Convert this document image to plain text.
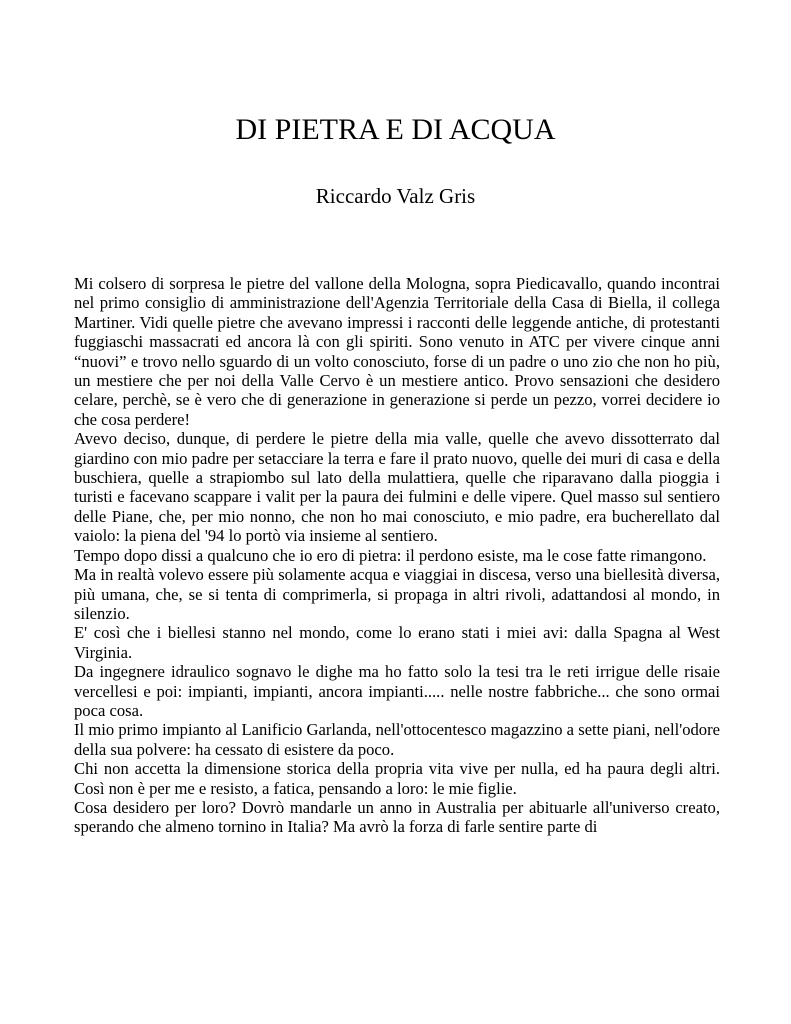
DI PIETRA E DI ACQUA
Riccardo Valz Gris

Mi colsero di sorpresa le pietre del vallone della Mologna, sopra Piedicavallo, quando incontrai nel primo consiglio di amministrazione dell'Agenzia Territoriale della Casa di Biella, il collega Martiner. Vidi quelle pietre che avevano impressi i racconti delle leggende antiche, di protestanti fuggiaschi massacrati ed ancora là con gli spiriti. Sono venuto in ATC per vivere cinque anni “nuovi” e trovo nello sguardo di un volto conosciuto, forse di un padre o uno zio che non ho più, un mestiere che per noi della Valle Cervo è un mestiere antico. Provo sensazioni che desidero celare, perchè, se è vero che di generazione in generazione si perde un pezzo, vorrei decidere io che cosa perdere!

Avevo deciso, dunque, di perdere le pietre della mia valle, quelle che avevo dissotterrato dal giardino con mio padre per setacciare la terra e fare il prato nuovo, quelle dei muri di casa e della buschiera, quelle a strapiombo sul lato della mulattiera, quelle che riparavano dalla pioggia i turisti e facevano scappare i valit per la paura dei fulmini e delle vipere. Quel masso sul sentiero delle Piane, che, per mio nonno, che non ho mai conosciuto, e mio padre, era bucherellato dal vaiolo: la piena del '94 lo portò via insieme al sentiero.

Tempo dopo dissi a qualcuno che io ero di pietra: il perdono esiste, ma le cose fatte rimangono.

Ma in realtà volevo essere più solamente acqua e viaggiai in discesa, verso una biellesità diversa, più umana, che, se si tenta di comprimerla, si propaga in altri rivoli, adattandosi al mondo, in silenzio.

E' così che i biellesi stanno nel mondo, come lo erano stati i miei avi: dalla Spagna al West Virginia.

Da ingegnere idraulico sognavo le dighe ma ho fatto solo la tesi tra le reti irrigue delle risaie vercellesi e poi: impianti, impianti, ancora impianti..... nelle nostre fabbriche... che sono ormai poca cosa.

Il mio primo impianto al Lanificio Garlanda, nell'ottocentesco magazzino a sette piani, nell'odore della sua polvere: ha cessato di esistere da poco.

Chi non accetta la dimensione storica della propria vita vive per nulla, ed ha paura degli altri. Così non è per me e resisto, a fatica, pensando a loro: le mie figlie.

Cosa desidero per loro? Dovrò mandarle un anno in Australia per abituarle all'universo creato, sperando che almeno tornino in Italia? Ma avrò la forza di farle sentire parte di
